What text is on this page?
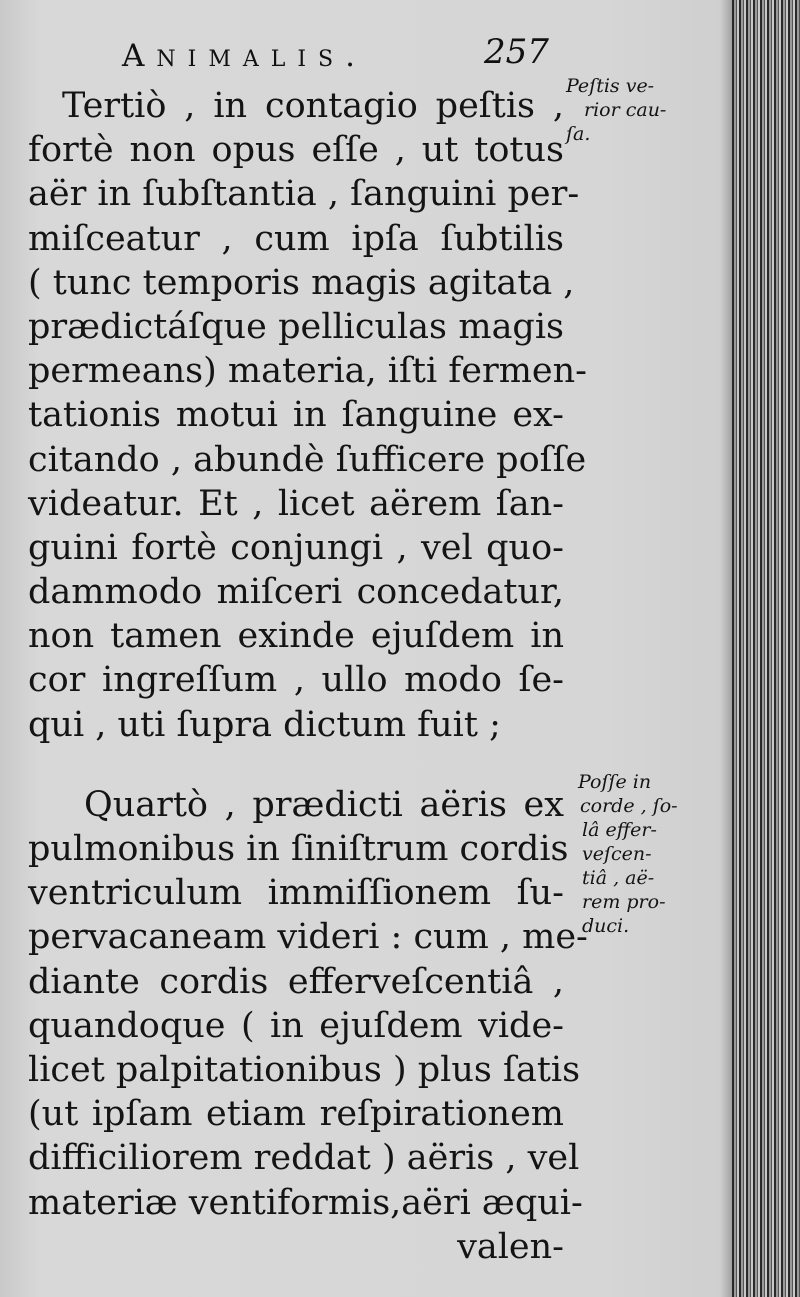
Animalis.	257
Tertiò , in contagio peſtis ,
fortè non opus eſſe , ut totus
aër in ſubſtantia , ſanguini per-
miſceatur , cum ipſa ſubtilis
( tunc temporis magis agitata ,
prædictáſque pelliculas magis
permeans) materia, iſti fermen-
tationis motui in ſanguine ex-
citando , abundè ſufficere poſſe
videatur. Et , licet aërem ſan-
guini fortè conjungi , vel quo-
dammodo miſceri concedatur,
non tamen exinde ejuſdem in
cor ingreſſum , ullo modo ſe-
qui , uti ſupra dictum fuit ;
Quartò , prædicti aëris ex
pulmonibus in ſiniſtrum cordis
ventriculum immiſſionem ſu-
pervacaneam videri : cum , me-
diante cordis effervеſcentiâ ,
quandoque ( in ejuſdem vide-
licet palpitationibus ) plus ſatis
(ut ipſam etiam reſpirationem
difficiliorem reddat ) aëris , vel
materiæ ventiformis,aëri æqui-
valen-
Peſtis ve-
rior cau-
ſa.
Poſſe in
corde , ſo-
lâ effer-
veſcen-
tiâ , aë-
rem pro-
duci.
